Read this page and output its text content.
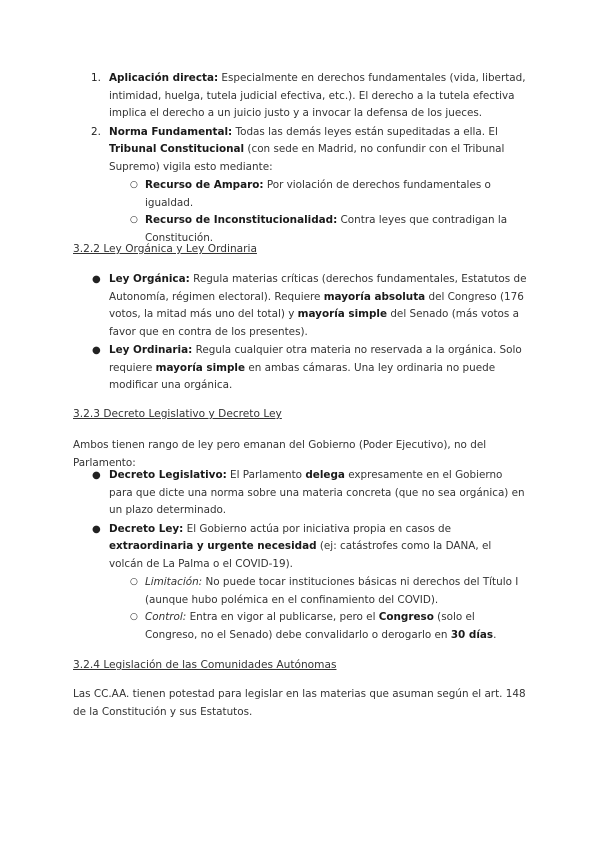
1. Aplicación directa: Especialmente en derechos fundamentales (vida, libertad, intimidad, huelga, tutela judicial efectiva, etc.). El derecho a la tutela efectiva implica el derecho a un juicio justo y a invocar la defensa de los jueces.
2. Norma Fundamental: Todas las demás leyes están supeditadas a ella. El Tribunal Constitucional (con sede en Madrid, no confundir con el Tribunal Supremo) vigila esto mediante:
○ Recurso de Amparo: Por violación de derechos fundamentales o igualdad.
○ Recurso de Inconstitucionalidad: Contra leyes que contradigan la Constitución.
3.2.2 Ley Orgánica y Ley Ordinaria
● Ley Orgánica: Regula materias críticas (derechos fundamentales, Estatutos de Autonomía, régimen electoral). Requiere mayoría absoluta del Congreso (176 votos, la mitad más uno del total) y mayoría simple del Senado (más votos a favor que en contra de los presentes).
● Ley Ordinaria: Regula cualquier otra materia no reservada a la orgánica. Solo requiere mayoría simple en ambas cámaras. Una ley ordinaria no puede modificar una orgánica.
3.2.3 Decreto Legislativo y Decreto Ley

Ambos tienen rango de ley pero emanan del Gobierno (Poder Ejecutivo), no del Parlamento:

● Decreto Legislativo: El Parlamento delega expresamente en el Gobierno para que dicte una norma sobre una materia concreta (que no sea orgánica) en un plazo determinado.
● Decreto Ley: El Gobierno actúa por iniciativa propia en casos de extraordinaria y urgente necesidad (ej: catástrofes como la DANA, el volcán de La Palma o el COVID-19).
○ Limitación: No puede tocar instituciones básicas ni derechos del Título I (aunque hubo polémica en el confinamiento del COVID).
○ Control: Entra en vigor al publicarse, pero el Congreso (solo el Congreso, no el Senado) debe convalidarlo o derogarlo en 30 días.
3.2.4 Legislación de las Comunidades Autónomas

Las CC.AA. tienen potestad para legislar en las materias que asuman según el art. 148 de la Constitución y sus Estatutos.
